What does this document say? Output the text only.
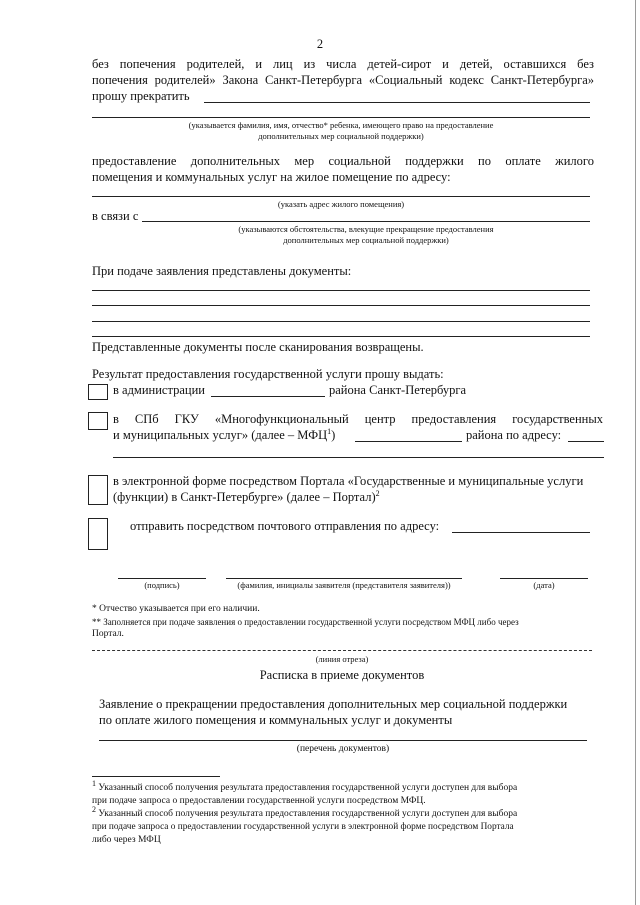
2
без попечения родителей, и лиц из числа детей-сирот и детей, оставшихся без
попечения родителей» Закона Санкт-Петербурга «Социальный кодекс Санкт-Петербурга»
прошу прекратить
(указывается фамилия, имя, отчество* ребенка, имеющего право на предоставление
дополнительных мер социальной поддержки)
предоставление дополнительных мер социальной поддержки по оплате жилого
помещения и коммунальных услуг на жилое помещение по адресу:
(указать адрес жилого помещения)
в связи с
(указываются обстоятельства, влекущие прекращение предоставления
дополнительных мер социальной поддержки)
При подаче заявления представлены документы:
Представленные документы после сканирования возвращены.
Результат предоставления государственной услуги прошу выдать:
в администрации	района Санкт-Петербурга
в СПб ГКУ «Многофункциональный центр предоставления государственных
и муниципальных услуг» (далее – МФЦ$^1$)	района по адресу:
в электронной форме посредством Портала «Государственные и муниципальные услуги
(функции) в Санкт-Петербурге» (далее – Портал)$^2$
отправить посредством почтового отправления по адресу:
(подпись)	(фамилия, инициалы заявителя (представителя заявителя))	(дата)
* Отчество указывается при его наличии.
** Заполняется при подаче заявления о предоставлении государственной услуги посредством МФЦ либо через
Портал.
(линия отреза)
Расписка в приеме документов
Заявление о прекращении предоставления дополнительных мер социальной поддержки
по оплате жилого помещения и коммунальных услуг и документы
(перечень документов)
$^1$ Указанный способ получения результата предоставления государственной услуги доступен для выбора
при подаче запроса о предоставлении государственной услуги посредством МФЦ.
$^2$ Указанный способ получения результата предоставления государственной услуги доступен для выбора
при подаче запроса о предоставлении государственной услуги в электронной форме посредством Портала
либо через МФЦ
